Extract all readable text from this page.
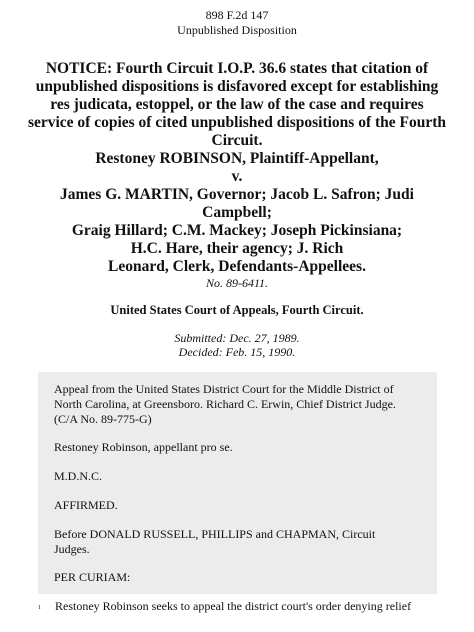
898 F.2d 147
Unpublished Disposition
NOTICE: Fourth Circuit I.O.P. 36.6 states that citation of
unpublished dispositions is disfavored except for establishing
res judicata, estoppel, or the law of the case and requires
service of copies of cited unpublished dispositions of the Fourth
Circuit.
Restoney ROBINSON, Plaintiff-Appellant,
v.
James G. MARTIN, Governor; Jacob L. Safron; Judi
Campbell;
Graig Hillard; C.M. Mackey; Joseph Pickinsiana;
H.C. Hare, their agency; J. Rich
Leonard, Clerk, Defendants-Appellees.
No. 89-6411.
United States Court of Appeals, Fourth Circuit.
Submitted: Dec. 27, 1989.
Decided: Feb. 15, 1990.

Appeal from the United States District Court for the Middle District of
North Carolina, at Greensboro. Richard C. Erwin, Chief District Judge.
(C/A No. 89-775-G)

Restoney Robinson, appellant pro se.

M.D.N.C.

AFFIRMED.

Before DONALD RUSSELL, PHILLIPS and CHAPMAN, Circuit
Judges.

PER CURIAM:

1 Restoney Robinson seeks to appeal the district court's order denying relief
